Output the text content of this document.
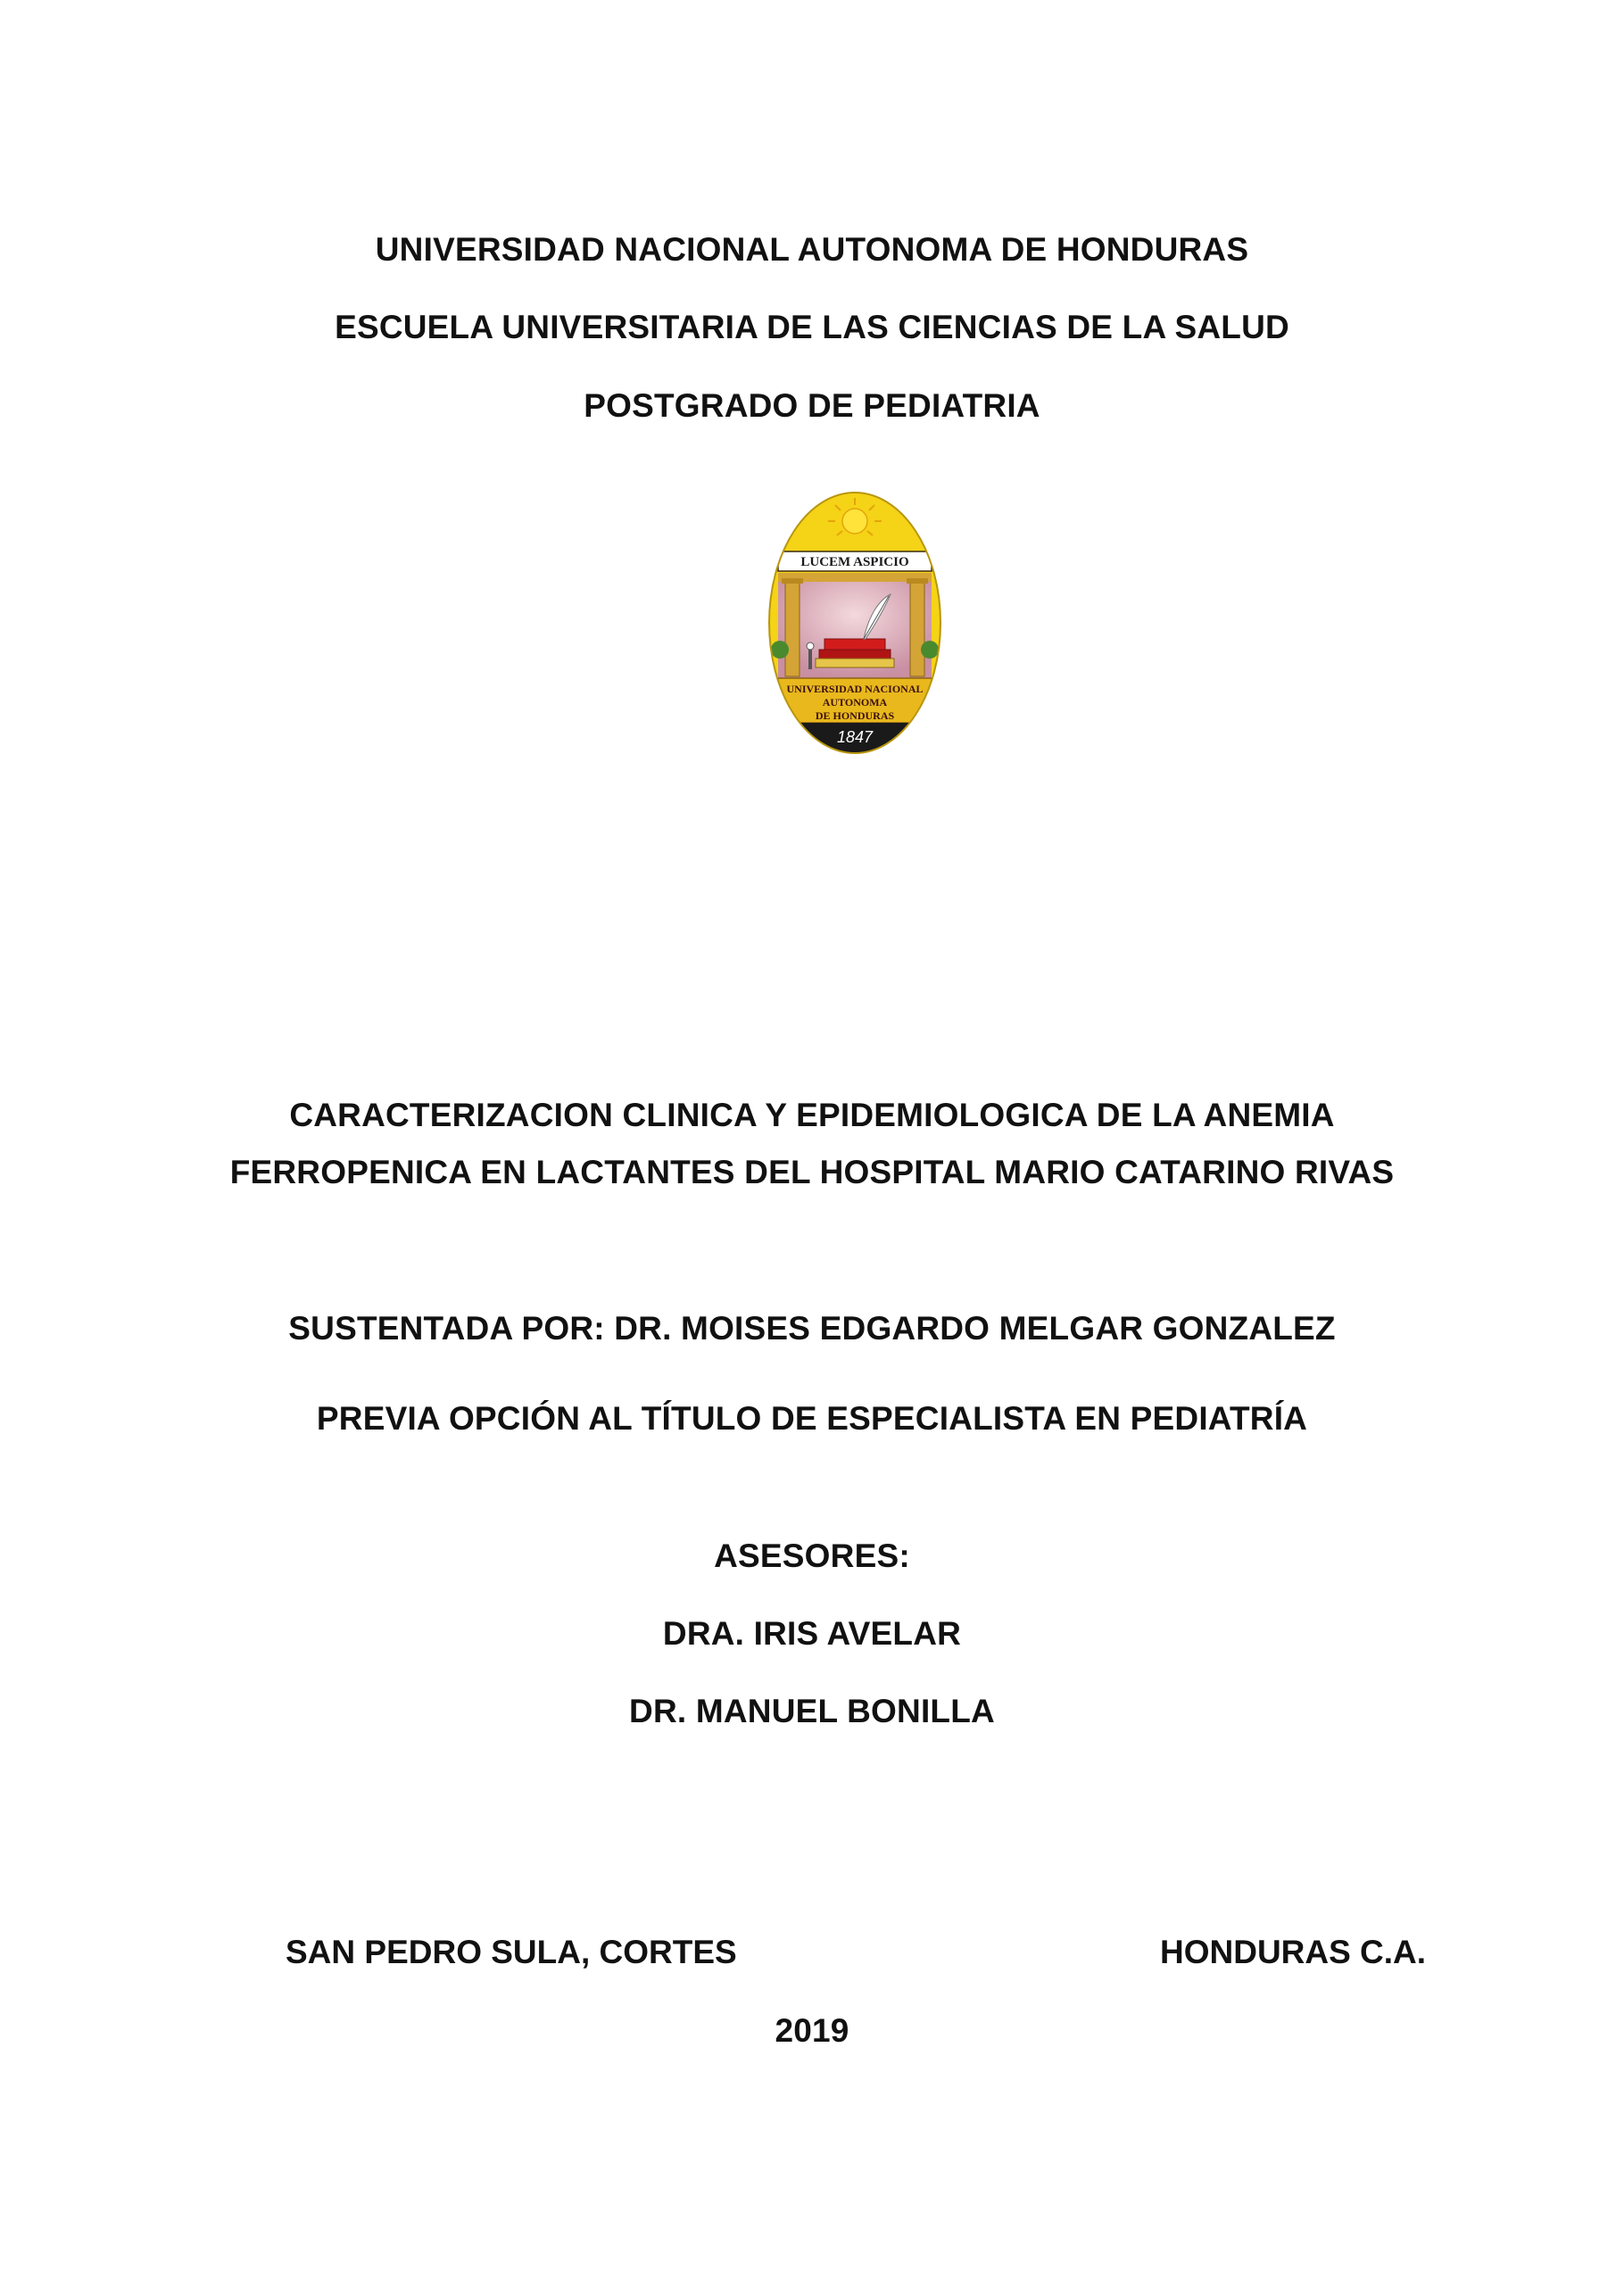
UNIVERSIDAD NACIONAL AUTONOMA DE HONDURAS
ESCUELA UNIVERSITARIA DE LAS CIENCIAS DE LA SALUD
POSTGRADO DE PEDIATRIA
LUCEM ASPICIO
UNIVERSIDAD NACIONAL
AUTONOMA
DE HONDURAS
1847
CARACTERIZACION CLINICA Y EPIDEMIOLOGICA DE LA ANEMIA
FERROPENICA EN LACTANTES DEL HOSPITAL MARIO CATARINO RIVAS
SUSTENTADA POR: DR. MOISES EDGARDO MELGAR GONZALEZ
PREVIA OPCIÓN AL TÍTULO DE ESPECIALISTA EN PEDIATRÍA
ASESORES:
DRA. IRIS AVELAR
DR. MANUEL BONILLA
SAN PEDRO SULA, CORTES	HONDURAS C.A.
2019
